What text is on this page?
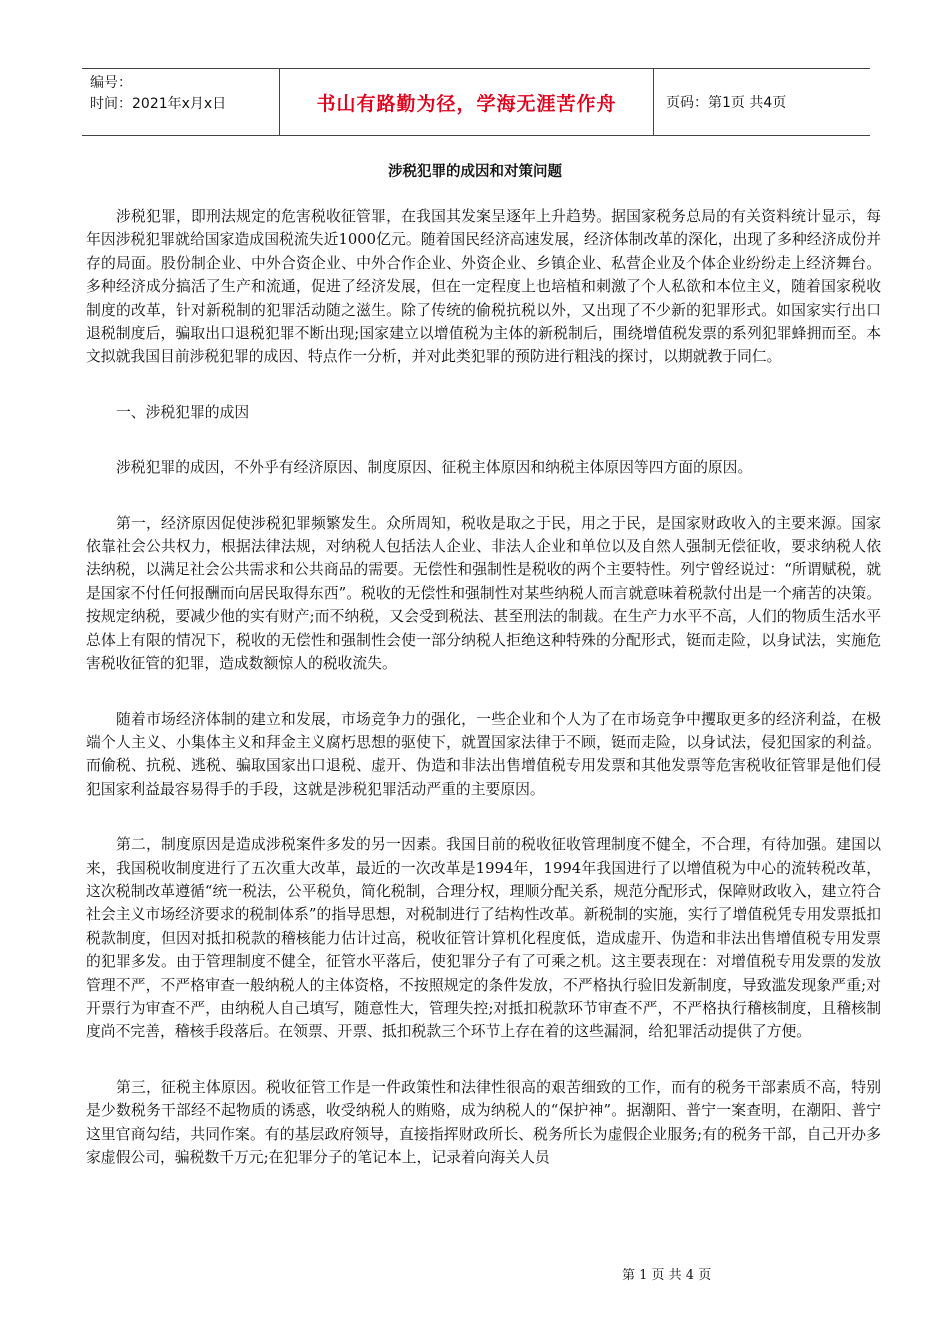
编号：
时间：2021年x月x日	书山有路勤为径，学海无涯苦作舟	页码：第1页 共4页
涉税犯罪的成因和对策问题

涉税犯罪，即刑法规定的危害税收征管罪，在我国其发案呈逐年上升趋势。据国家税务总局的有关资料统计显示，每年因涉税犯罪就给国家造成国税流失近1000亿元。随着国民经济高速发展，经济体制改革的深化，出现了多种经济成份并存的局面。股份制企业、中外合资企业、中外合作企业、外资企业、乡镇企业、私营企业及个体企业纷纷走上经济舞台。多种经济成分搞活了生产和流通，促进了经济发展，但在一定程度上也培植和刺激了个人私欲和本位主义，随着国家税收制度的改革，针对新税制的犯罪活动随之滋生。除了传统的偷税抗税以外，又出现了不少新的犯罪形式。如国家实行出口退税制度后，骗取出口退税犯罪不断出现;国家建立以增值税为主体的新税制后，围绕增值税发票的系列犯罪蜂拥而至。本文拟就我国目前涉税犯罪的成因、特点作一分析，并对此类犯罪的预防进行粗浅的探讨，以期就教于同仁。

一、涉税犯罪的成因

涉税犯罪的成因，不外乎有经济原因、制度原因、征税主体原因和纳税主体原因等四方面的原因。

第一，经济原因促使涉税犯罪频繁发生。众所周知，税收是取之于民，用之于民，是国家财政收入的主要来源。国家依靠社会公共权力，根据法律法规，对纳税人包括法人企业、非法人企业和单位以及自然人强制无偿征收，要求纳税人依法纳税，以满足社会公共需求和公共商品的需要。无偿性和强制性是税收的两个主要特性。列宁曾经说过：“所谓赋税，就是国家不付任何报酬而向居民取得东西”。税收的无偿性和强制性对某些纳税人而言就意味着税款付出是一个痛苦的决策。按规定纳税，要减少他的实有财产;而不纳税，又会受到税法、甚至刑法的制裁。在生产力水平不高，人们的物质生活水平总体上有限的情况下，税收的无偿性和强制性会使一部分纳税人拒绝这种特殊的分配形式，铤而走险，以身试法，实施危害税收征管的犯罪，造成数额惊人的税收流失。

随着市场经济体制的建立和发展，市场竞争力的强化，一些企业和个人为了在市场竞争中攫取更多的经济利益，在极端个人主义、小集体主义和拜金主义腐朽思想的驱使下，就置国家法律于不顾，铤而走险，以身试法，侵犯国家的利益。而偷税、抗税、逃税、骗取国家出口退税、虚开、伪造和非法出售增值税专用发票和其他发票等危害税收征管罪是他们侵犯国家利益最容易得手的手段，这就是涉税犯罪活动严重的主要原因。

第二，制度原因是造成涉税案件多发的另一因素。我国目前的税收征收管理制度不健全，不合理，有待加强。建国以来，我国税收制度进行了五次重大改革，最近的一次改革是1994年，1994年我国进行了以增值税为中心的流转税改革，这次税制改革遵循“统一税法，公平税负，简化税制，合理分权，理顺分配关系，规范分配形式，保障财政收入，建立符合社会主义市场经济要求的税制体系”的指导思想，对税制进行了结构性改革。新税制的实施，实行了增值税凭专用发票抵扣税款制度，但因对抵扣税款的稽核能力估计过高，税收征管计算机化程度低，造成虚开、伪造和非法出售增值税专用发票的犯罪多发。由于管理制度不健全，征管水平落后，使犯罪分子有了可乘之机。这主要表现在：对增值税专用发票的发放管理不严，不严格审查一般纳税人的主体资格，不按照规定的条件发放，不严格执行验旧发新制度，导致滥发现象严重;对开票行为审查不严，由纳税人自己填写，随意性大，管理失控;对抵扣税款环节审查不严，不严格执行稽核制度，且稽核制度尚不完善，稽核手段落后。在领票、开票、抵扣税款三个环节上存在着的这些漏洞，给犯罪活动提供了方便。

第三，征税主体原因。税收征管工作是一件政策性和法律性很高的艰苦细致的工作，而有的税务干部素质不高，特别是少数税务干部经不起物质的诱惑，收受纳税人的贿赂，成为纳税人的“保护神”。据潮阳、普宁一案查明，在潮阳、普宁这里官商勾结，共同作案。有的基层政府领导，直接指挥财政所长、税务所长为虚假企业服务;有的税务干部，自己开办多家虚假公司，骗税数千万元;在犯罪分子的笔记本上，记录着向海关人员

第 1 页 共 4 页
